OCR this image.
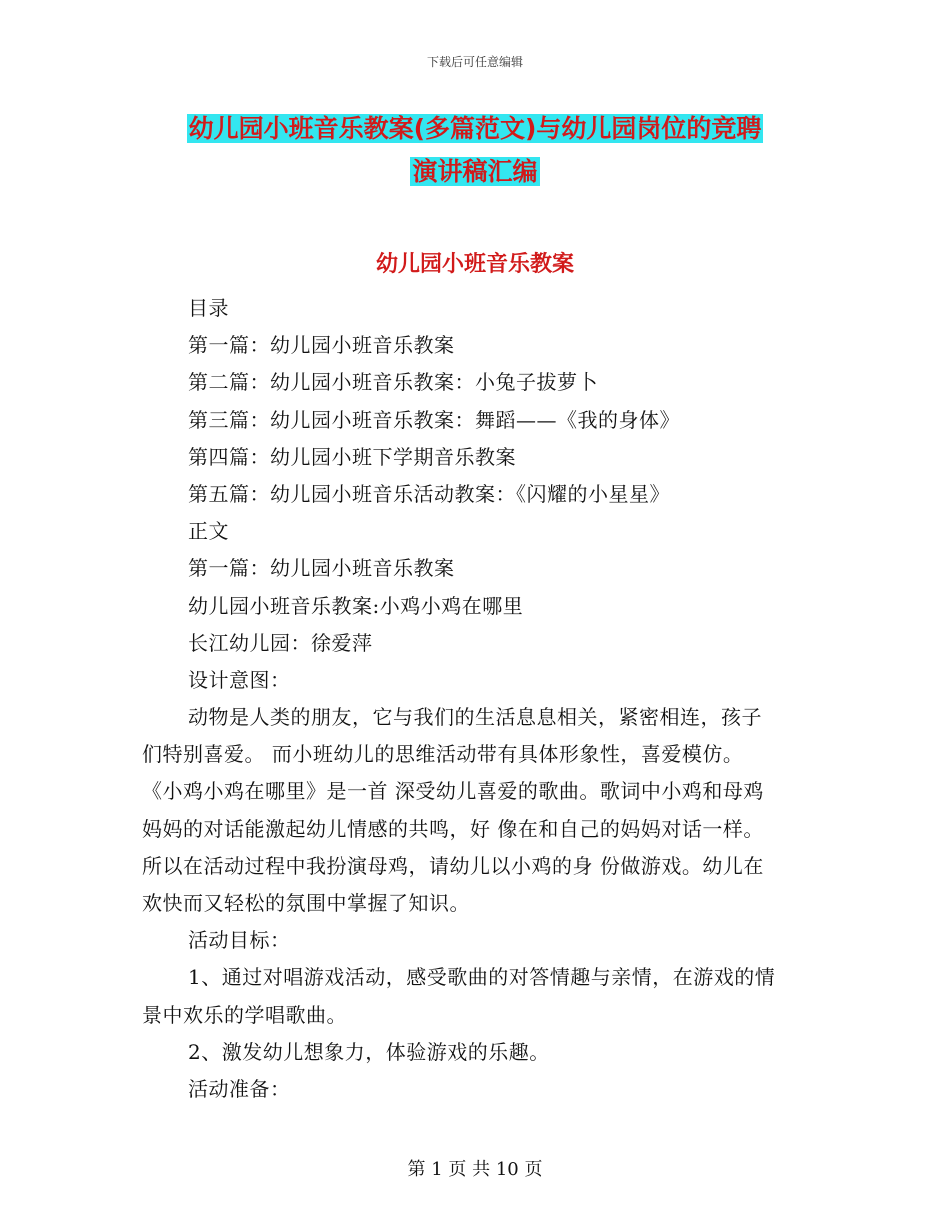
下载后可任意编辑
幼儿园小班音乐教案(多篇范文)与幼儿园岗位的竞聘
演讲稿汇编
幼儿园小班音乐教案
目录
第一篇：幼儿园小班音乐教案
第二篇：幼儿园小班音乐教案：小兔子拔萝卜
第三篇：幼儿园小班音乐教案：舞蹈——《我的身体》
第四篇：幼儿园小班下学期音乐教案
第五篇：幼儿园小班音乐活动教案：《闪耀的小星星》
正文
第一篇：幼儿园小班音乐教案
幼儿园小班音乐教案:小鸡小鸡在哪里
长江幼儿园：徐爱萍
设计意图：
动物是人类的朋友，它与我们的生活息息相关，紧密相连，孩子
们特别喜爱。 而小班幼儿的思维活动带有具体形象性，喜爱模仿。
《小鸡小鸡在哪里》是一首 深受幼儿喜爱的歌曲。歌词中小鸡和母鸡
妈妈的对话能激起幼儿情感的共鸣，好 像在和自己的妈妈对话一样。
所以在活动过程中我扮演母鸡，请幼儿以小鸡的身 份做游戏。幼儿在
欢快而又轻松的氛围中掌握了知识。
活动目标：
1、通过对唱游戏活动，感受歌曲的对答情趣与亲情，在游戏的情
景中欢乐的学唱歌曲。
2、激发幼儿想象力，体验游戏的乐趣。
活动准备：
第 1 页 共 10 页
